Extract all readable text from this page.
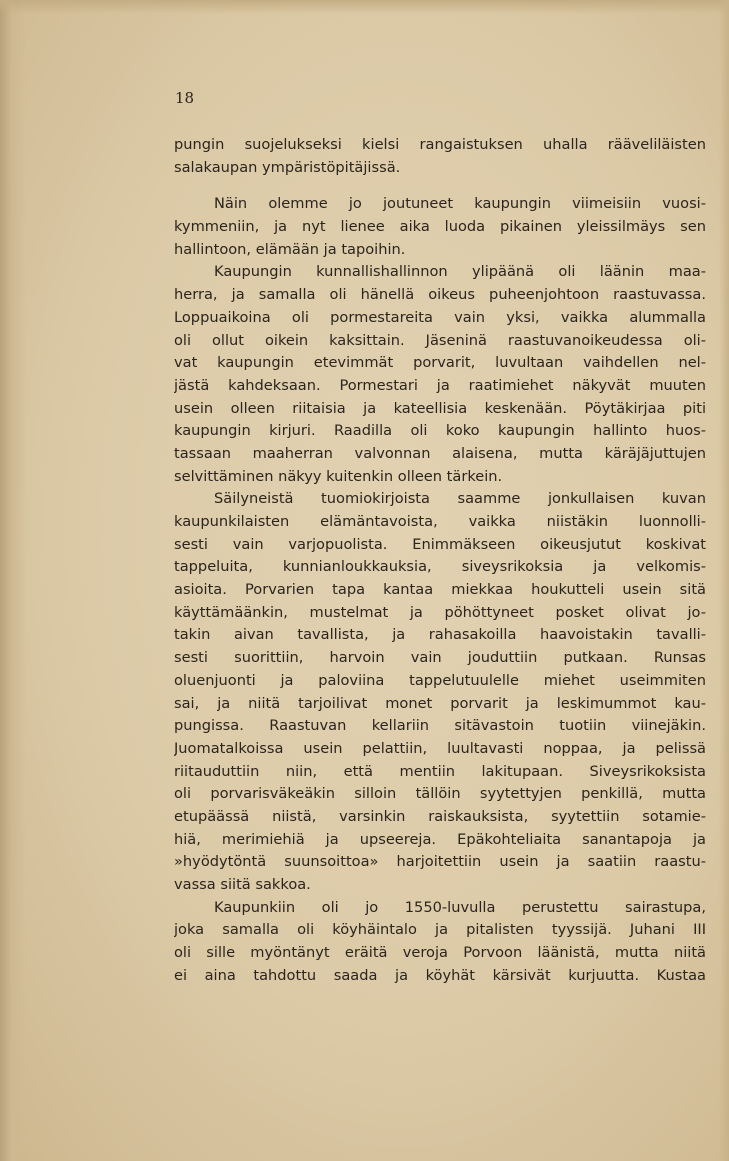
18
pungin suojelukseksi kielsi rangaistuksen uhalla rääveliläisten
salakaupan ympäristöpitäjissä.
Näin olemme jo joutuneet kaupungin viimeisiin vuosi-
kymmeniin, ja nyt lienee aika luoda pikainen yleissilmäys sen
hallintoon, elämään ja tapoihin.
Kaupungin kunnallishallinnon ylipäänä oli läänin maa-
herra, ja samalla oli hänellä oikeus puheenjohtoon raastuvassa.
Loppuaikoina oli pormestareita vain yksi, vaikka alummalla
oli ollut oikein kaksittain. Jäseninä raastuvanoikeudessa oli-
vat kaupungin etevimmät porvarit, luvultaan vaihdellen nel-
jästä kahdeksaan. Pormestari ja raatimiehet näkyvät muuten
usein olleen riitaisia ja kateellisia keskenään. Pöytäkirjaa piti
kaupungin kirjuri. Raadilla oli koko kaupungin hallinto huos-
tassaan maaherran valvonnan alaisena, mutta käräjäjuttujen
selvittäminen näkyy kuitenkin olleen tärkein.
Säilyneistä tuomiokirjoista saamme jonkullaisen kuvan
kaupunkilaisten elämäntavoista, vaikka niistäkin luonnolli-
sesti vain varjopuolista. Enimmäkseen oikeusjutut koskivat
tappeluita, kunnianloukkauksia, siveysrikoksia ja velkomis-
asioita. Porvarien tapa kantaa miekkaa houkutteli usein sitä
käyttämäänkin, mustelmat ja pöhöttyneet posket olivat jo-
takin aivan tavallista, ja rahasakoilla haavoistakin tavalli-
sesti suorittiin, harvoin vain jouduttiin putkaan. Runsas
oluenjuonti ja paloviina tappelutuulelle miehet useimmiten
sai, ja niitä tarjoilivat monet porvarit ja leskimummot kau-
pungissa. Raastuvan kellariin sitävastoin tuotiin viinejäkin.
Juomatalkoissa usein pelattiin, luultavasti noppaa, ja pelissä
riitauduttiin niin, että mentiin lakitupaan. Siveysrikoksista
oli porvarisväkeäkin silloin tällöin syytettyjen penkillä, mutta
etupäässä niistä, varsinkin raiskauksista, syytettiin sotamie-
hiä, merimiehiä ja upseereja. Epäkohteliaita sanantapoja ja
»hyödytöntä suunsoittoa» harjoitettiin usein ja saatiin raastu-
vassa siitä sakkoa.
Kaupunkiin oli jo 1550-luvulla perustettu sairastupa,
joka samalla oli köyhäintalo ja pitalisten tyyssijä. Juhani III
oli sille myöntänyt eräitä veroja Porvoon läänistä, mutta niitä
ei aina tahdottu saada ja köyhät kärsivät kurjuutta. Kustaa
